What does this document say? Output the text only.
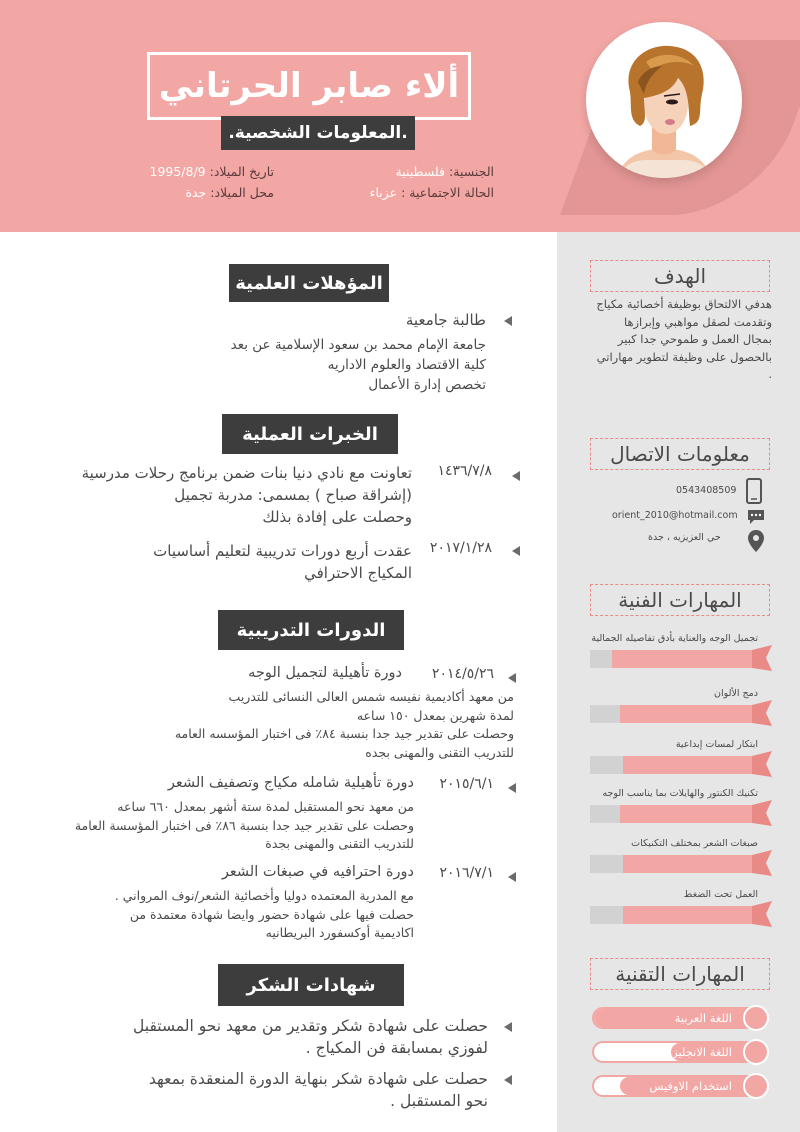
ألاء صابر الحرتاني
.المعلومات الشخصية.
الجنسية: فلسطينية
الحالة الاجتماعية : عزباء
تاريخ الميلاد: 1995/8/9
محل الميلاد: جدة
الهدف
هدفي الالتحاق بوظيفة أخصائية مكياج وتقدمت لصقل مواهبي وإبرازها بمجال العمل و طموحي جدا كبير بالحصول على وظيفة لتطوير مهاراتي .
معلومات الاتصال
0543408509
orient_2010@hotmail.com
حي العزيزيه ، جدة
المهارات الفنية
تجميل الوجه والعناية بأدق تفاصيله الجمالية
دمج الألوان
ابتكار لمسات إبداعية
تكنيك الكنتور والهايلات بما يناسب الوجه
صبغات الشعر بمختلف التكنيكات
العمل تحت الضغط
المهارات التقنية
اللغة العربية
اللغة الانجليزية
استخدام الاوفيس
المؤهلات العلمية
طالبة جامعية
جامعة الإمام محمد بن سعود الإسلامية عن بعد
كلية الاقتصاد والعلوم الاداريه
تخصص إدارة الأعمال
الخبرات العملية
١٤٣٦/٧/٨
تعاونت مع نادي دنيا بنات ضمن برنامج رحلات مدرسية
(إشراقة صباح ) بمسمى: مدربة تجميل
وحصلت على إفادة بذلك
٢٠١٧/١/٢٨
عقدت أربع دورات تدريبية لتعليم أساسيات
المكياج الاحترافي
الدورات التدريبية
٢٠١٤/٥/٢٦
دورة تأهيلية لتجميل الوجه
من معهد أكاديمية نفيسه شمس العالى النسائى للتدريب
لمدة شهرين بمعدل ١٥٠ ساعه
وحصلت على تقدير جيد جدا بنسبة ٨٤٪ فى اختبار المؤسسه العامه
للتدريب التقنى والمهنى بجده
٢٠١٥/٦/١
دورة تأهيلية شامله مكياج وتصفيف الشعر
من معهد نحو المستقبل لمدة ستة أشهر بمعدل ٦٦٠ ساعه
وحصلت على تقدير جيد جدا بنسبة ٨٦٪ فى اختبار المؤسسة العامة
للتدريب التقنى والمهنى بجدة
٢٠١٦/٧/١
دورة احترافيه في صبغات الشعر
مع المدرية المعتمده دوليا وأخصائية الشعر/نوف المرواني .
حصلت فيها على شهادة حضور وايضا شهادة معتمدة من
اكاديمية أوكسفورد البريطانيه
شهادات الشكر
حصلت على شهادة شكر وتقدير من معهد نحو المستقبل
لفوزي بمسابقة فن المكياج .
حصلت على شهادة شكر بنهاية الدورة المنعقدة بمعهد
نحو المستقبل .
